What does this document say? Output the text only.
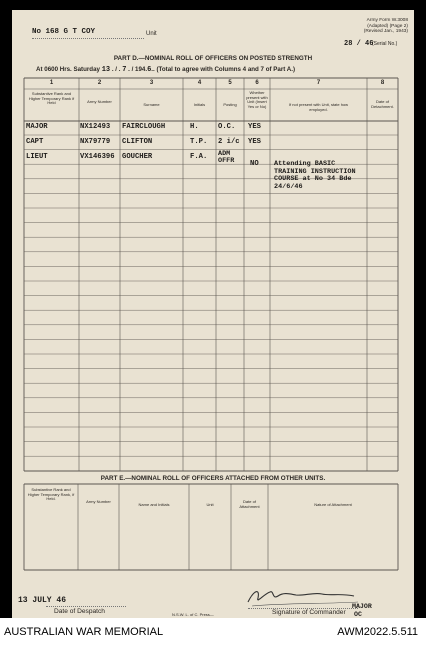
No 168 G T COY	Unit
Army Form W.3008
(Adapted) (Page 2)
(Revised Jan., 1943)
28 / 46
(Serial No.)
PART D.—NOMINAL ROLL OF OFFICERS ON POSTED STRENGTH
At 0600 Hrs. Saturday 13 . / . 7 . / 194.6.. (Total to agree with Columns 4 and 7 of Part A.)
1	2	3	4	5	6	7	8
Substantive Rank and Higher Temporary Rank if Held	Army Number
Surname	Initials	Posting
Whether present with Unit (Insert Yes or No)	If not present with Unit, state how employed.
Date of Detachment.
MAJOR	NX12493 FAIRCLOUGH	H.	O.C. YES
CAPT	NX79779 CLIFTON	T.P. 2 i/c YES
LIEUT	VX146396 GOUCHER	F.A. ADM OFFR	NO Attending BASIC TRAINING INSTRUCTION COURSE at No 34 Bde 24/6/46
PART E.—NOMINAL ROLL OF OFFICERS ATTACHED FROM OTHER UNITS.
Substantive Rank and Higher Temporary Rank, if Held.
Army Number
Name and Initials	Unit
Date of Attachment	Nature of Attachment
13 JULY 46
Date of Despatch	N.S.W. L. of C. Press—	Signature of Commander
MAJOR
OC
AUSTRALIAN WAR MEMORIAL	AWM2022.5.511
